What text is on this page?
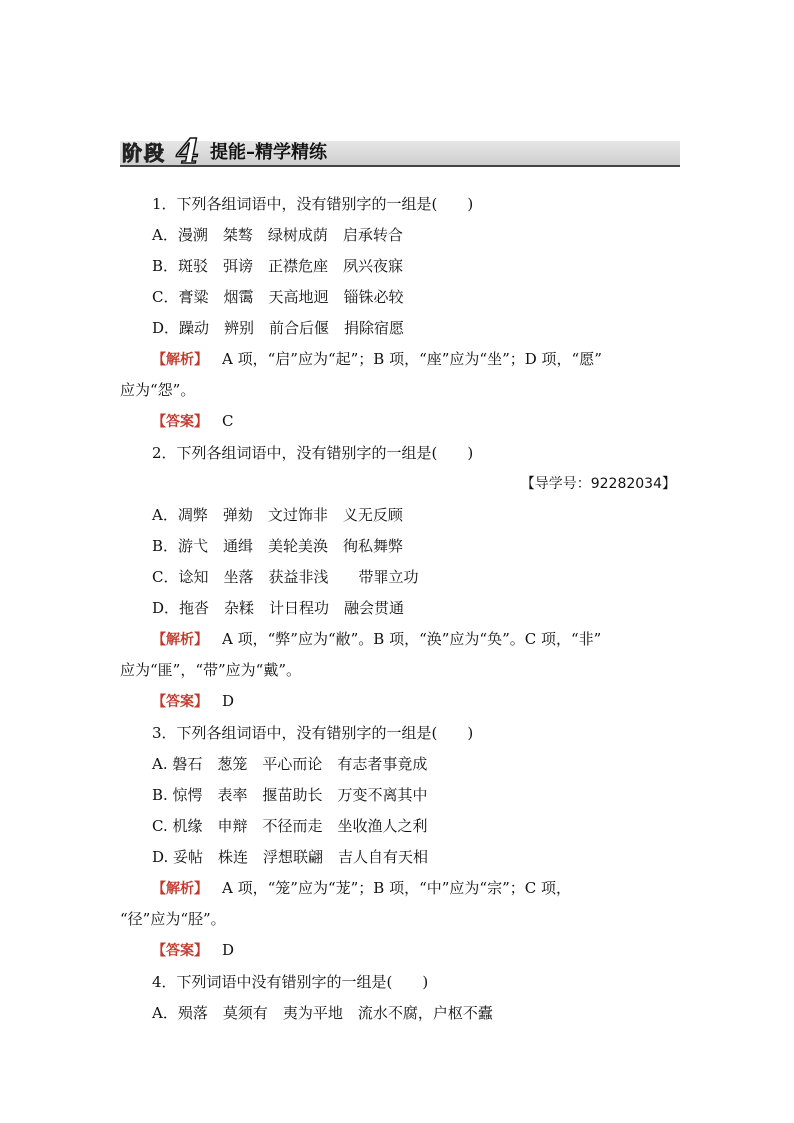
阶段 4 提能–精学精练
1．下列各组词语中，没有错别字的一组是(　　)
A．漫溯　桀骜　绿树成荫　启承转合
B．斑驳　弭谤　正襟危座　夙兴夜寐
C．膏粱　烟霭　天高地迥　锱铢必较
D．躁动　辨别　前合后偃　捐除宿愿
【解析】 A 项，“启”应为“起”；B 项，“座”应为“坐”；D 项，“愿”
应为“怨”。
【答案】 C
2．下列各组词语中，没有错别字的一组是(　　)
【导学号：92282034】
A．凋弊　弹劾　文过饰非　义无反顾
B．游弋　通缉　美轮美涣　徇私舞弊
C．谂知　坐落　获益非浅　　带罪立功
D．拖沓　杂糅　计日程功　融会贯通
【解析】 A 项，“弊”应为“敝”。B 项，“涣”应为“奂”。C 项，“非”
应为“匪”，“带”应为“戴”。
【答案】 D
3．下列各组词语中，没有错别字的一组是(　　)
A. 磐石　葱笼　平心而论　有志者事竟成
B. 惊愕　表率　揠苗助长　万变不离其中
C. 机缘　申辩　不径而走　坐收渔人之利
D. 妥帖　株连　浮想联翩　吉人自有天相
【解析】 A 项，“笼”应为“茏”；B 项，“中”应为“宗”；C 项，
“径”应为“胫”。
【答案】 D
4．下列词语中没有错别字的一组是(　　)
A．殒落　莫须有　夷为平地　流水不腐，户枢不蠹
